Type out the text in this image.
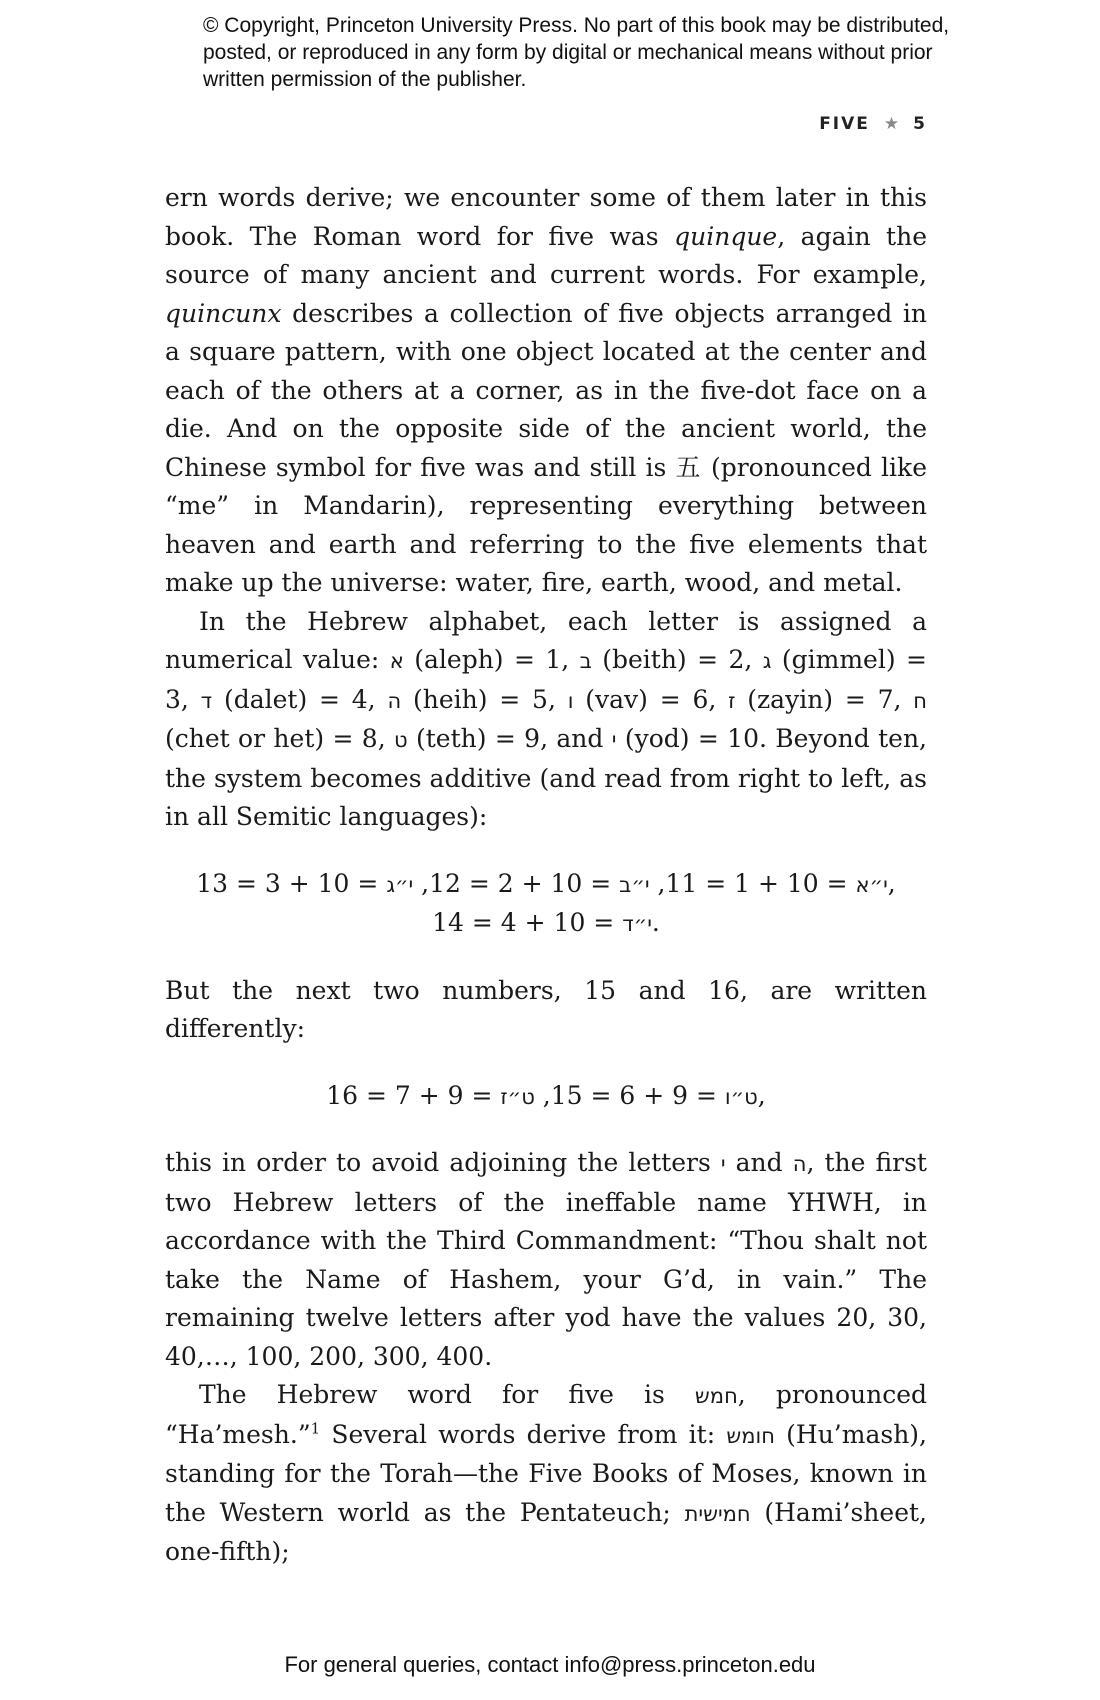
© Copyright, Princeton University Press. No part of this book may be distributed, posted, or reproduced in any form by digital or mechanical means without prior written permission of the publisher.
FIVE ★ 5

ern words derive; we encounter some of them later in this book. The Roman word for five was quinque, again the source of many ancient and current words. For example, quincunx describes a collection of five objects arranged in a square pattern, with one object located at the center and each of the others at a corner, as in the five-dot face on a die. And on the opposite side of the ancient world, the Chinese symbol for five was and still is 五 (pronounced like “me” in Mandarin), representing everything between heaven and earth and referring to the five elements that make up the universe: water, fire, earth, wood, and metal.

In the Hebrew alphabet, each letter is assigned a numerical value: א (aleph) = 1, ב (beith) = 2, ג (gimmel) = 3, ד (dalet) = 4, ה (heih) = 5, ו (vav) = 6, ז (zayin) = 7, ח (chet or het) = 8, ט (teth) = 9, and י (yod) = 10. Beyond ten, the system becomes additive (and read from right to left, as in all Semitic languages):

י״א = 10 + 1 = 11, י״ב = 10 + 2 = 12, י״ג = 10 + 3 = 13,
י״ד = 10 + 4 = 14.

But the next two numbers, 15 and 16, are written differently:

ט״ו = 9 + 6 = 15, ט״ז = 9 + 7 = 16,

this in order to avoid adjoining the letters י and ה, the first two Hebrew letters of the ineffable name YHWH, in accordance with the Third Commandment: “Thou shalt not take the Name of Hashem, your G’d, in vain.” The remaining twelve letters after yod have the values 20, 30, 40,…, 100, 200, 300, 400.

The Hebrew word for five is חמש, pronounced “Ha’mesh.”$^1$ Several words derive from it: חומש (Hu’mash), standing for the Torah—the Five Books of Moses, known in the Western world as the Pentateuch; חמישית (Hami’sheet, one-fifth);

For general queries, contact info@press.princeton.edu
